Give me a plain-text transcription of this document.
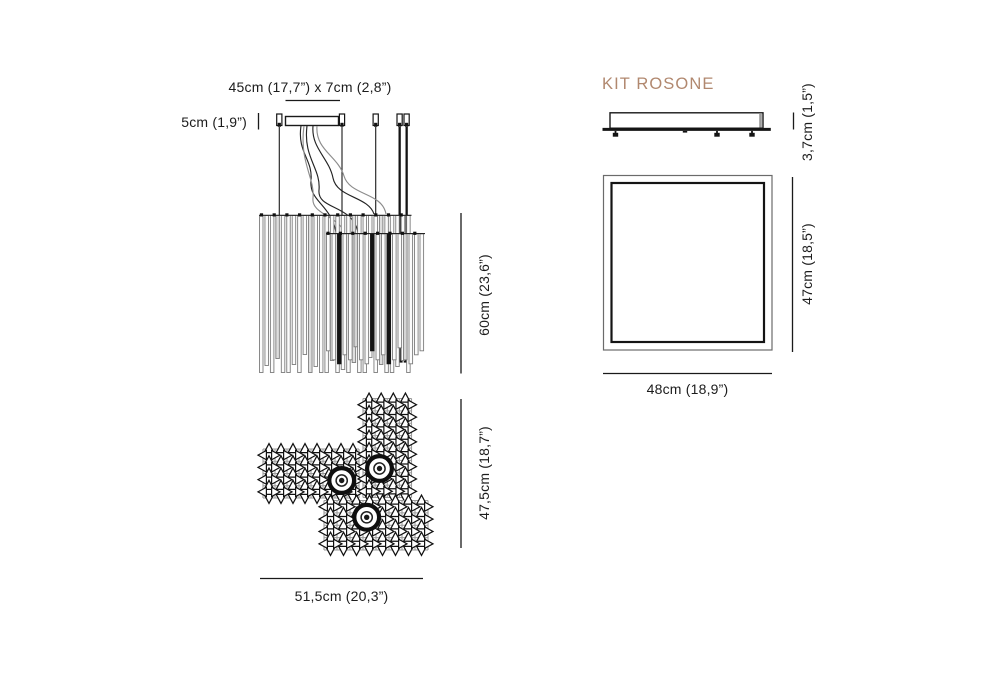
45cm (17,7”) x 7cm (2,8”)
5cm (1,9”)
60cm (23,6”)
47,5cm (18,7”)
51,5cm (20,3”)
KIT ROSONE	3,7cm (1,5”)
47cm (18,5”)
48cm (18,9”)
